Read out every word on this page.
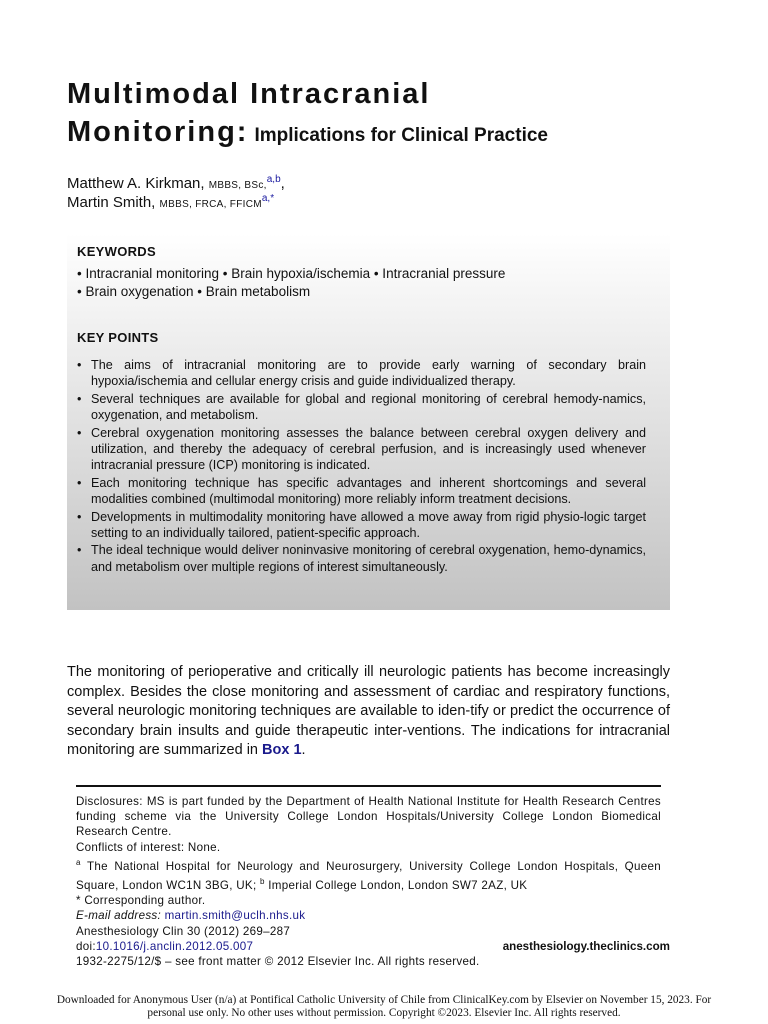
Multimodal Intracranial
Monitoring: Implications for Clinical Practice
Matthew A. Kirkman, MBBS, BSc,$^{a,b}$,
Martin Smith, MBBS, FRCA, $FFICM^{a,*}$
KEYWORDS
• Intracranial monitoring • Brain hypoxia/ischemia • Intracranial pressure
• Brain oxygenation • Brain metabolism
KEY POINTS
• The aims of intracranial monitoring are to provide early warning of secondary brain hypoxia/ischemia and cellular energy crisis and guide individualized therapy.
• Several techniques are available for global and regional monitoring of cerebral hemody-namics, oxygenation, and metabolism.
• Cerebral oxygenation monitoring assesses the balance between cerebral oxygen delivery and utilization, and thereby the adequacy of cerebral perfusion, and is increasingly used whenever intracranial pressure (ICP) monitoring is indicated.
• Each monitoring technique has specific advantages and inherent shortcomings and several modalities combined (multimodal monitoring) more reliably inform treatment decisions.
• Developments in multimodality monitoring have allowed a move away from rigid physio-logic target setting to an individually tailored, patient-specific approach.
• The ideal technique would deliver noninvasive monitoring of cerebral oxygenation, hemo-dynamics, and metabolism over multiple regions of interest simultaneously.

The monitoring of perioperative and critically ill neurologic patients has become increasingly complex. Besides the close monitoring and assessment of cardiac and respiratory functions, several neurologic monitoring techniques are available to iden-tify or predict the occurrence of secondary brain insults and guide therapeutic inter-ventions. The indications for intracranial monitoring are summarized in Box 1.

Disclosures: MS is part funded by the Department of Health National Institute for Health Research Centres funding scheme via the University College London Hospitals/University College London Biomedical Research Centre.

Conflicts of interest: None.

$^a$ The National Hospital for Neurology and Neurosurgery, University College London Hospitals, Queen Square, London WC1N 3BG, UK; $^b$ Imperial College London, London SW7 2AZ, UK

* Corresponding author.

E-mail address: martin.smith@uclh.nhs.uk

Anesthesiology Clin 30 (2012) 269–287
doi:10.1016/j.anclin.2012.05.007	anesthesiology.theclinics.com
1932-2275/12/$ – see front matter © 2012 Elsevier Inc. All rights reserved.
Downloaded for Anonymous User (n/a) at Pontifical Catholic University of Chile from ClinicalKey.com by Elsevier on November 15, 2023. For personal use only. No other uses without permission. Copyright ©2023. Elsevier Inc. All rights reserved.
